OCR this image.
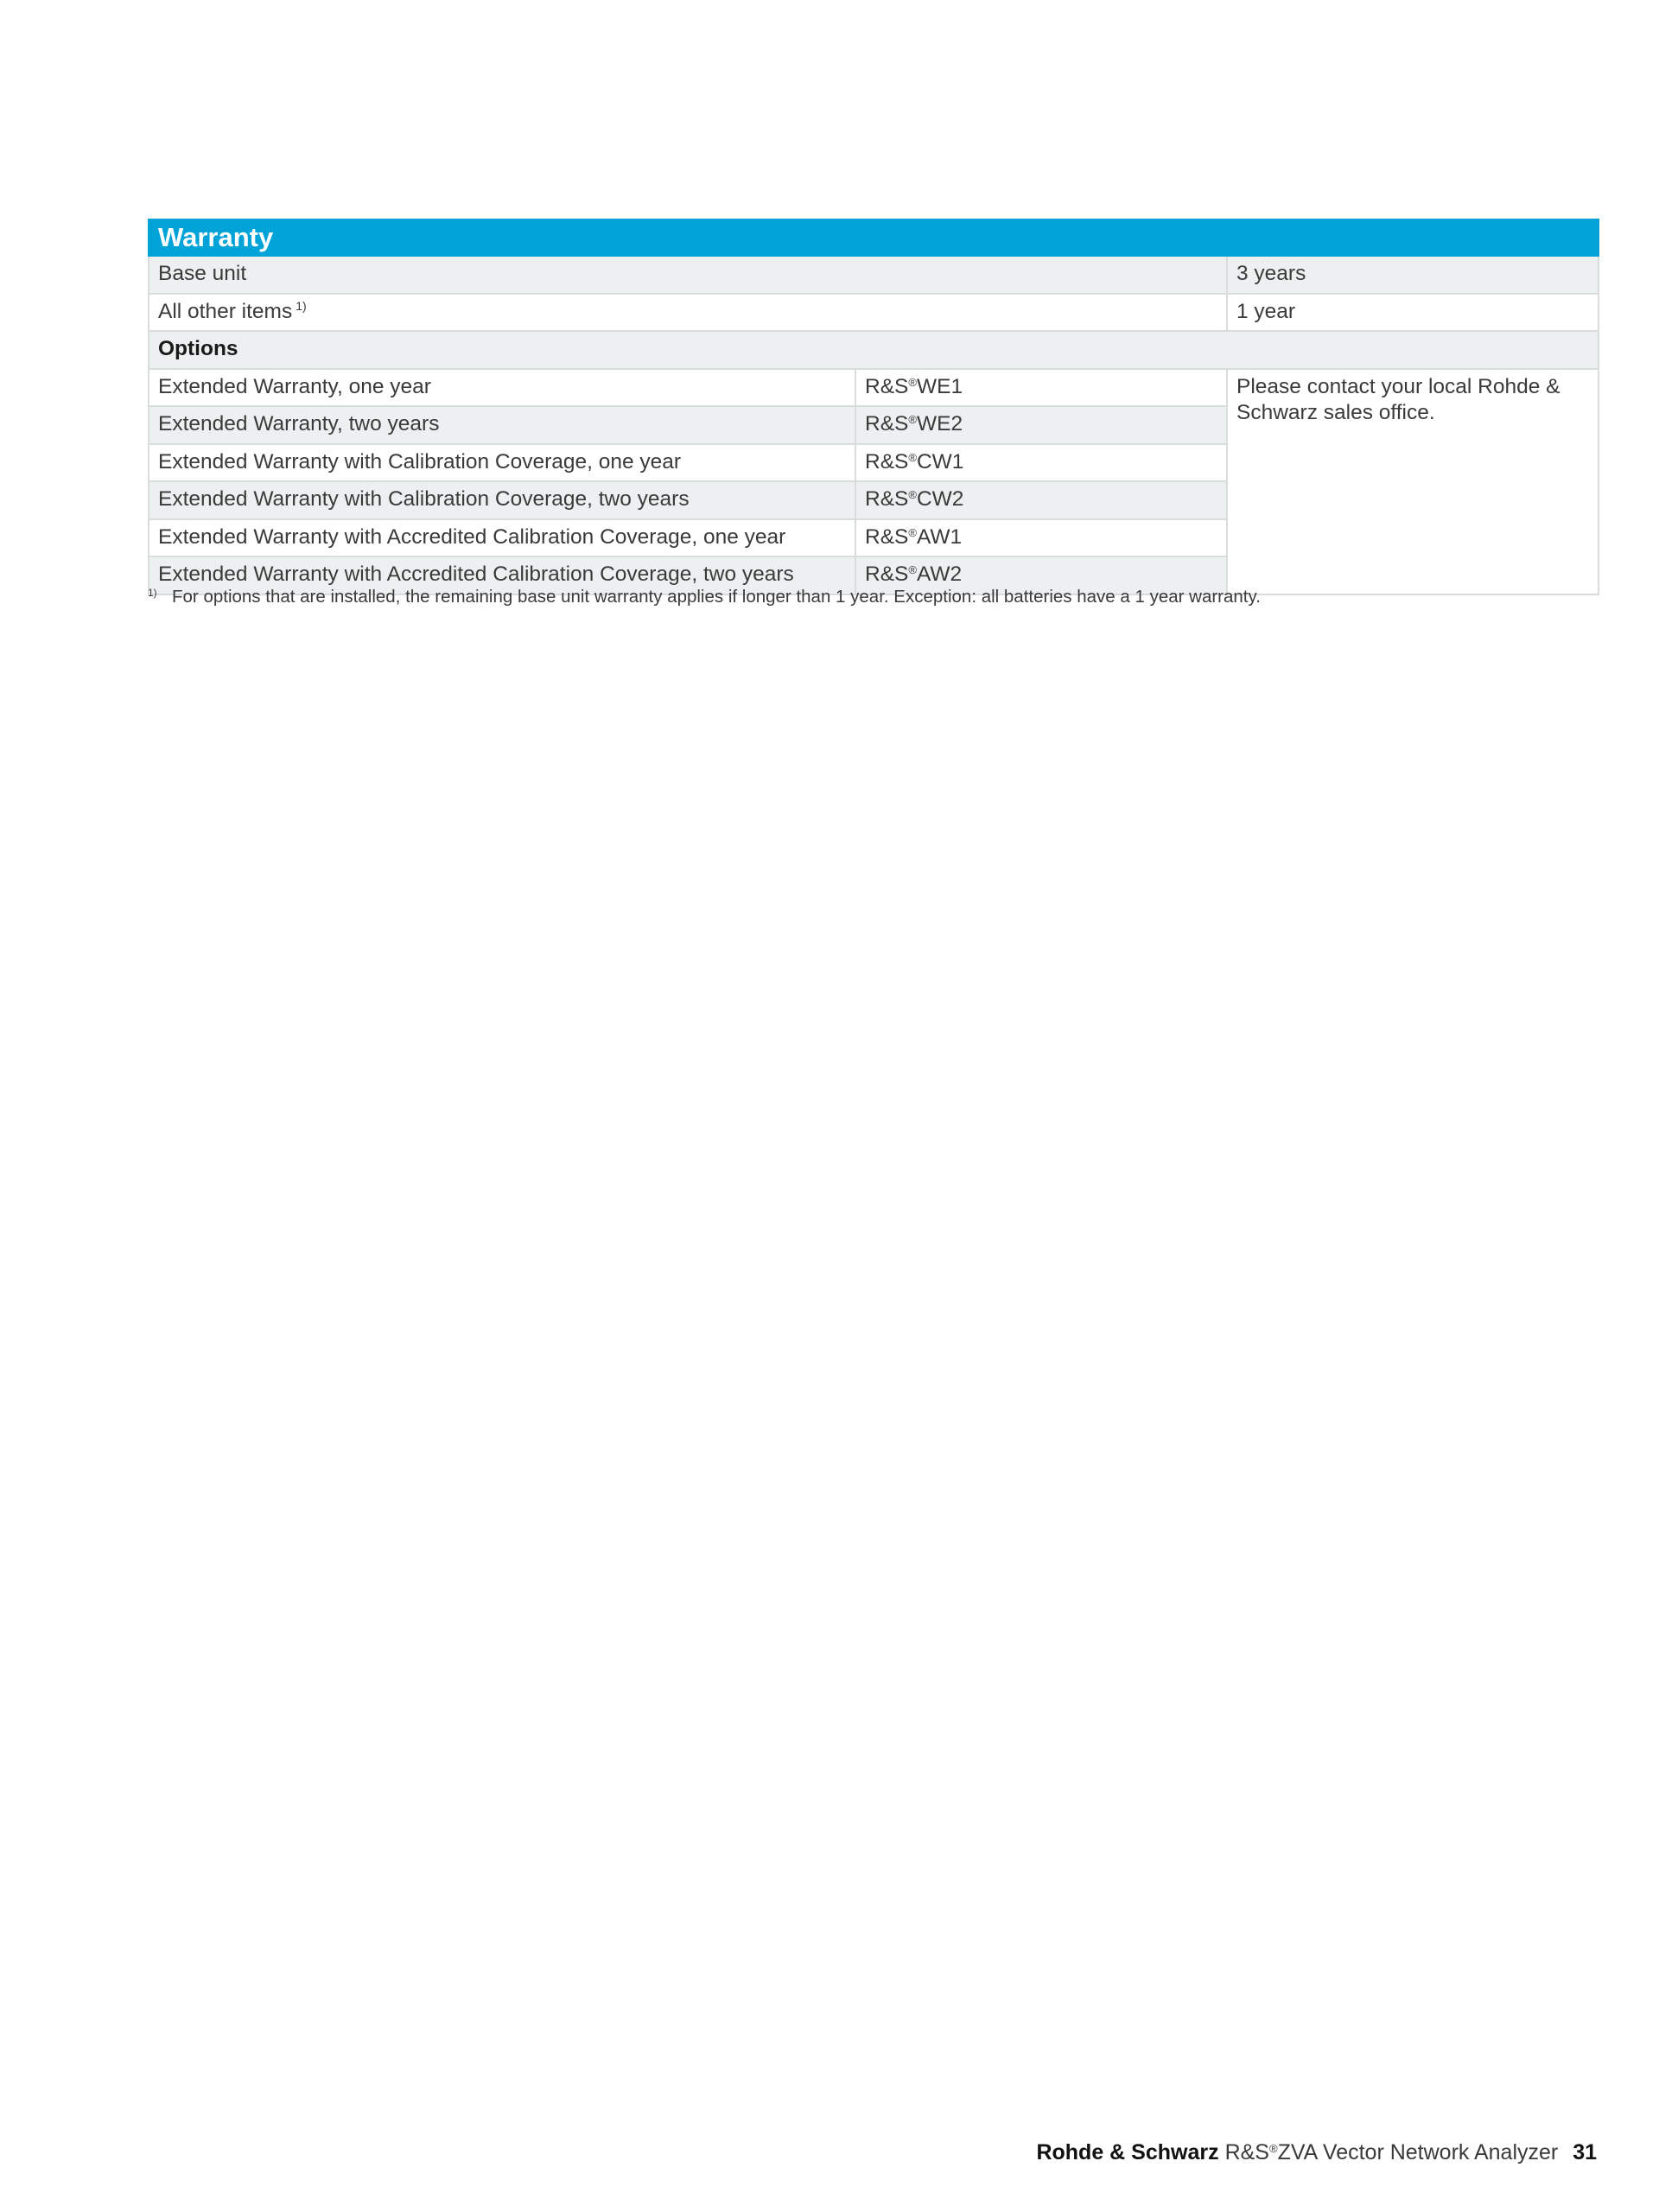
Warranty		
Base unit		3 years
All other items $^{1)}$		1 year
Options		
Extended Warranty, one year	R&S®WE1	Please contact your local Rohde & Schwarz sales office.
Extended Warranty, two years	R&S®WE2	
Extended Warranty with Calibration Coverage, one year	R&S®CW1	
Extended Warranty with Calibration Coverage, two years	R&S®CW2	
Extended Warranty with Accredited Calibration Coverage, one year	R&S®AW1	
Extended Warranty with Accredited Calibration Coverage, two years	R&S®AW2	
1) For options that are installed, the remaining base unit warranty applies if longer than 1 year. Exception: all batteries have a 1 year warranty.
Rohde & Schwarz R&S®ZVA Vector Network Analyzer 31
